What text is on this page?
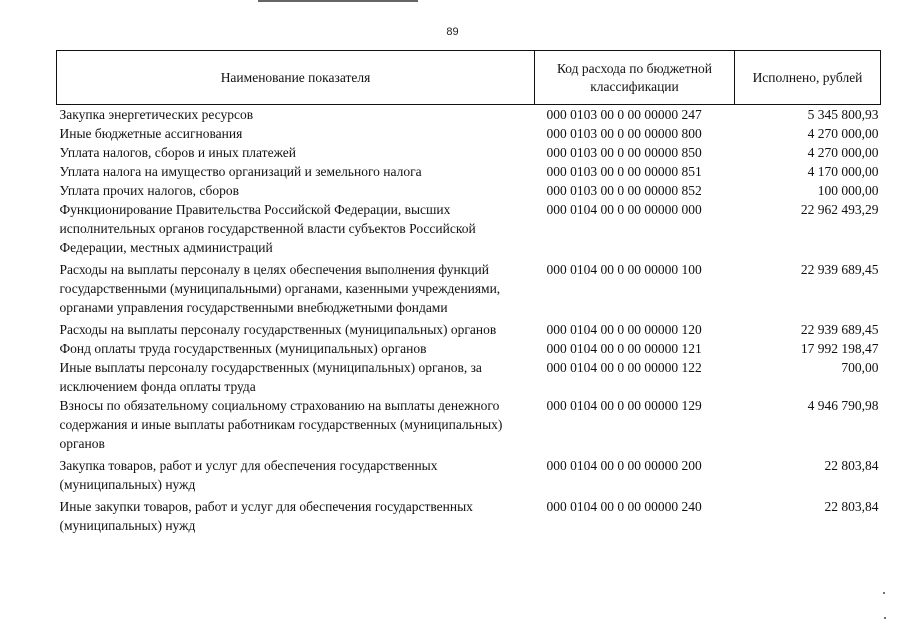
89
Наименование показателя	Код расхода по бюджетной классификации	Исполнено, рублей
Закупка энергетических ресурсов	000 0103 00 0 00 00000 247	5 345 800,93
Иные бюджетные ассигнования	000 0103 00 0 00 00000 800	4 270 000,00
Уплата налогов, сборов и иных платежей	000 0103 00 0 00 00000 850	4 270 000,00
Уплата налога на имущество организаций и земельного налога	000 0103 00 0 00 00000 851	4 170 000,00
Уплата прочих налогов, сборов	000 0103 00 0 00 00000 852	100 000,00
Функционирование Правительства Российской Федерации, высших исполнительных органов государственной власти субъектов Российской Федерации, местных администраций	000 0104 00 0 00 00000 000	22 962 493,29
Расходы на выплаты персоналу в целях обеспечения выполнения функций государственными (муниципальными) органами, казенными учреждениями, органами управления государственными внебюджетными фондами	000 0104 00 0 00 00000 100	22 939 689,45
Расходы на выплаты персоналу государственных (муниципальных) органов	000 0104 00 0 00 00000 120	22 939 689,45
Фонд оплаты труда государственных (муниципальных) органов	000 0104 00 0 00 00000 121	17 992 198,47
Иные выплаты персоналу государственных (муниципальных) органов, за исключением фонда оплаты труда	000 0104 00 0 00 00000 122	700,00
Взносы по обязательному социальному страхованию на выплаты денежного содержания и иные выплаты работникам государственных (муниципальных) органов	000 0104 00 0 00 00000 129	4 946 790,98
Закупка товаров, работ и услуг для обеспечения государственных (муниципальных) нужд	000 0104 00 0 00 00000 200	22 803,84
Иные закупки товаров, работ и услуг для обеспечения государственных (муниципальных) нужд	000 0104 00 0 00 00000 240	22 803,84
